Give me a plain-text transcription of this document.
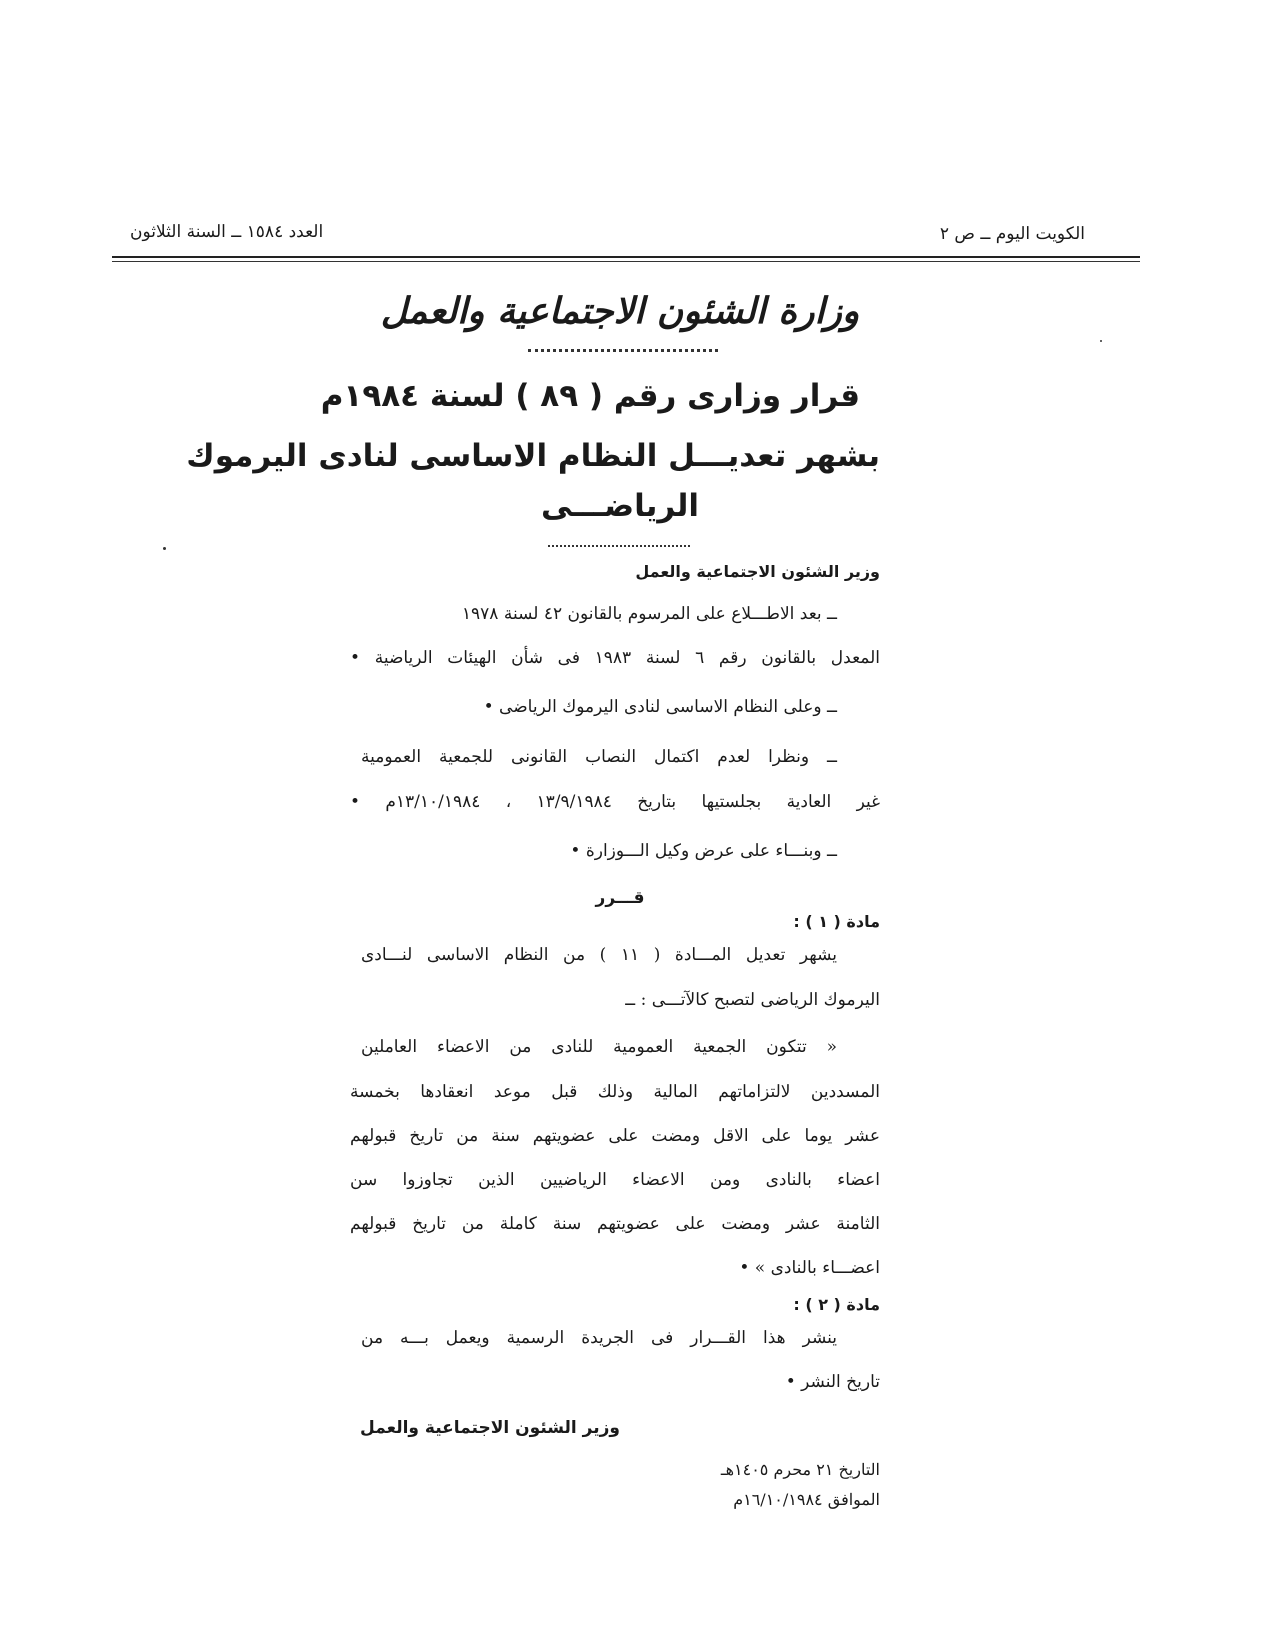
الكويت اليوم ــ ص ٢
العدد ١٥٨٤ ــ السنة الثلاثون
وزارة الشئون الاجتماعية والعمل
قرار وزارى رقم ( ٨٩ ) لسنة ١٩٨٤م
بشهر تعديـــل النظام الاساسى لنادى اليرموك
الرياضـــى
وزير الشئون الاجتماعية والعمل
ــ بعد الاطـــلاع على المرسوم بالقانون ٤٢ لسنة ١٩٧٨
المعدل بالقانون رقم ٦ لسنة ١٩٨٣ فى شأن الهيئات الرياضية •
ــ وعلى النظام الاساسى لنادى اليرموك الرياضى •
ــ ونظرا لعدم اكتمال النصاب القانونى للجمعية العمومية
غير العادية بجلستيها بتاريخ ١٣/٩/١٩٨٤ ، ١٣/١٠/١٩٨٤م •
ــ وبنـــاء على عرض وكيل الـــوزارة •
قـــرر
مادة ( ١ ) :
يشهر تعديل المـــادة ( ١١ ) من النظام الاساسى لنـــادى
اليرموك الرياضى لتصبح كالآتـــى : ــ
« تتكون الجمعية العمومية للنادى من الاعضاء العاملين
المسددين لالتزاماتهم المالية وذلك قبل موعد انعقادها بخمسة
عشر يوما على الاقل ومضت على عضويتهم سنة من تاريخ قبولهم
اعضاء بالنادى ومن الاعضاء الرياضيين الذين تجاوزوا سن
الثامنة عشر ومضت على عضويتهم سنة كاملة من تاريخ قبولهم
اعضـــاء بالنادى » •
مادة ( ٢ ) :
ينشر هذا القـــرار فى الجريدة الرسمية ويعمل بـــه من
تاريخ النشر •
وزير الشئون الاجتماعية والعمل
التاريخ ٢١ محرم ١٤٠٥هـ
الموافق ١٦/١٠/١٩٨٤م
